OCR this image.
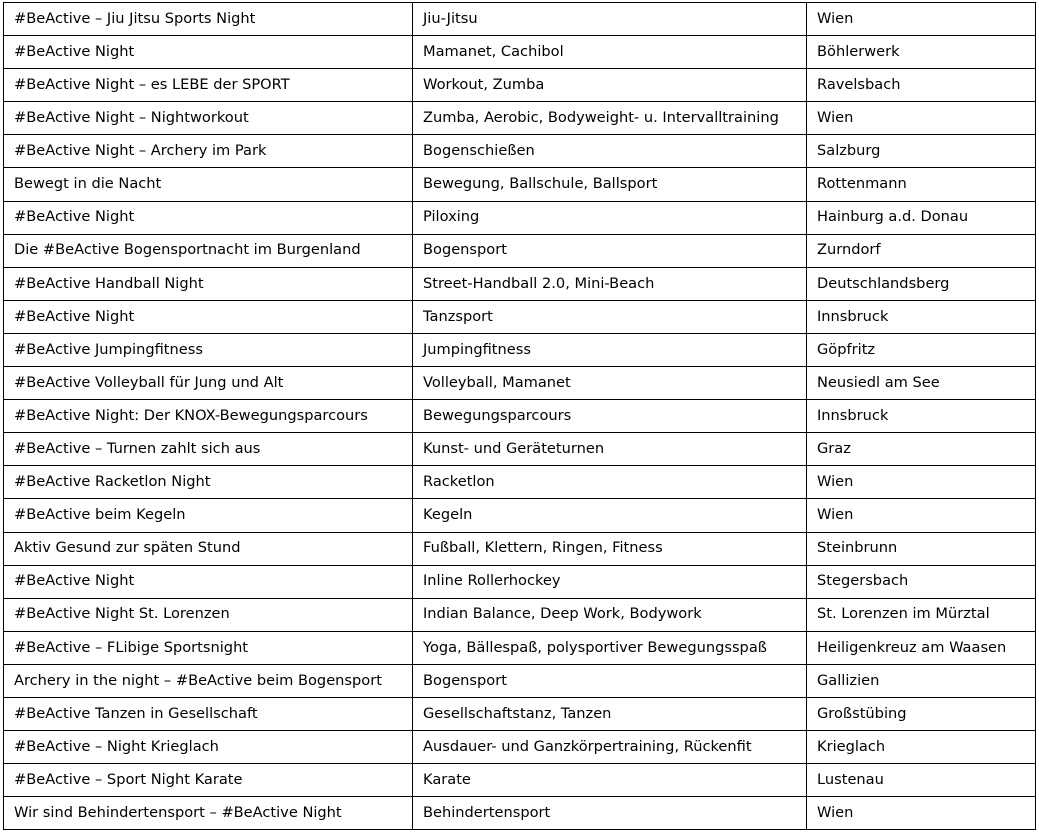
#BeActive – Jiu Jitsu Sports Night	Jiu-Jitsu	Wien
#BeActive Night	Mamanet, Cachibol	Böhlerwerk
#BeActive Night – es LEBE der SPORT	Workout, Zumba	Ravelsbach
#BeActive Night – Nightworkout	Zumba, Aerobic, Bodyweight- u. Intervalltraining	Wien
#BeActive Night – Archery im Park	Bogenschießen	Salzburg
Bewegt in die Nacht	Bewegung, Ballschule, Ballsport	Rottenmann
#BeActive Night	Piloxing	Hainburg a.d. Donau
Die #BeActive Bogensportnacht im Burgenland	Bogensport	Zurndorf
#BeActive Handball Night	Street-Handball 2.0, Mini-Beach	Deutschlandsberg
#BeActive Night	Tanzsport	Innsbruck
#BeActive Jumpingfitness	Jumpingfitness	Göpfritz
#BeActive Volleyball für Jung und Alt	Volleyball, Mamanet	Neusiedl am See
#BeActive Night: Der KNOX-Bewegungsparcours	Bewegungsparcours	Innsbruck
#BeActive – Turnen zahlt sich aus	Kunst- und Geräteturnen	Graz
#BeActive Racketlon Night	Racketlon	Wien
#BeActive beim Kegeln	Kegeln	Wien
Aktiv Gesund zur späten Stund	Fußball, Klettern, Ringen, Fitness	Steinbrunn
#BeActive Night	Inline Rollerhockey	Stegersbach
#BeActive Night St. Lorenzen	Indian Balance, Deep Work, Bodywork	St. Lorenzen im Mürztal
#BeActive – FLibige Sportsnight	Yoga, Bällespaß, polysportiver Bewegungsspaß	Heiligenkreuz am Waasen
Archery in the night – #BeActive beim Bogensport	Bogensport	Gallizien
#BeActive Tanzen in Gesellschaft	Gesellschaftstanz, Tanzen	Großstübing
#BeActive – Night Krieglach	Ausdauer- und Ganzkörpertraining, Rückenfit	Krieglach
#BeActive – Sport Night Karate	Karate	Lustenau
Wir sind Behindertensport – #BeActive Night	Behindertensport	Wien
